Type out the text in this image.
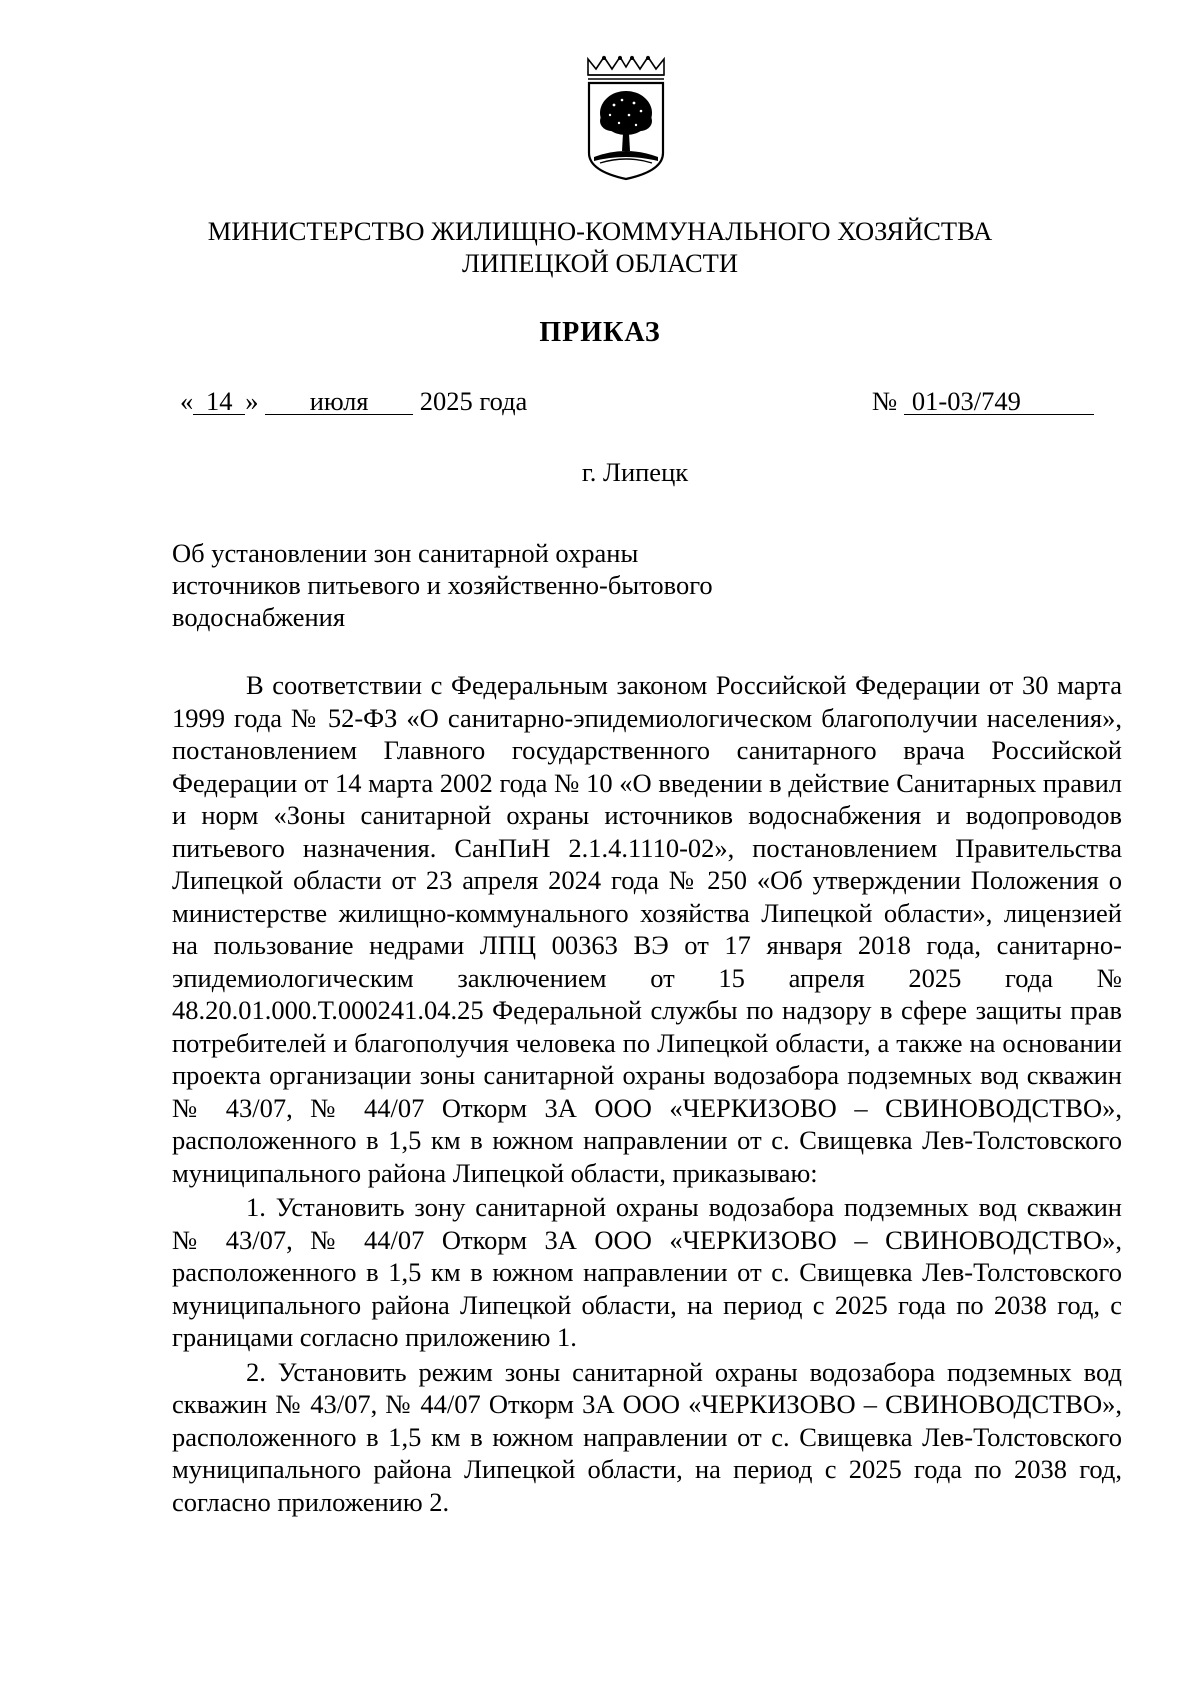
МИНИСТЕРСТВО ЖИЛИЩНО-КОММУНАЛЬНОГО ХОЗЯЙСТВА
ЛИПЕЦКОЙ ОБЛАСТИ
ПРИКАЗ
« 14 » июля 2025 года	№ 01-03/749
г. Липецк
Об установлении зон санитарной охраны
источников питьевого и хозяйственно-бытового
водоснабжения

В соответствии с Федеральным законом Российской Федерации от 30 марта 1999 года № 52-ФЗ «О санитарно-эпидемиологическом благополучии населения», постановлением Главного государственного санитарного врача Российской Федерации от 14 марта 2002 года № 10 «О введении в действие Санитарных правил и норм «Зоны санитарной охраны источников водоснабжения и водопроводов питьевого назначения. СанПиН 2.1.4.1110-02», постановлением Правительства Липецкой области от 23 апреля 2024 года № 250 «Об утверждении Положения о министерстве жилищно-коммунального хозяйства Липецкой области», лицензией на пользование недрами ЛПЦ 00363 ВЭ от 17 января 2018 года, санитарно-эпидемиологическим заключением от 15 апреля 2025 года № 48.20.01.000.Т.000241.04.25 Федеральной службы по надзору в сфере защиты прав потребителей и благополучия человека по Липецкой области, а также на основании проекта организации зоны санитарной охраны водозабора подземных вод скважин № 43/07, № 44/07 Откорм 3А ООО «ЧЕРКИЗОВО – СВИНОВОДСТВО», расположенного в 1,5 км в южном направлении от с. Свищевка Лев-Толстовского муниципального района Липецкой области, приказываю:

1. Установить зону санитарной охраны водозабора подземных вод скважин № 43/07, № 44/07 Откорм 3А ООО «ЧЕРКИЗОВО – СВИНОВОДСТВО», расположенного в 1,5 км в южном направлении от с. Свищевка Лев-Толстовского муниципального района Липецкой области, на период с 2025 года по 2038 год, с границами согласно приложению 1.

2. Установить режим зоны санитарной охраны водозабора подземных вод скважин № 43/07, № 44/07 Откорм 3А ООО «ЧЕРКИЗОВО – СВИНОВОДСТВО», расположенного в 1,5 км в южном направлении от с. Свищевка Лев-Толстовского муниципального района Липецкой области, на период с 2025 года по 2038 год, согласно приложению 2.
